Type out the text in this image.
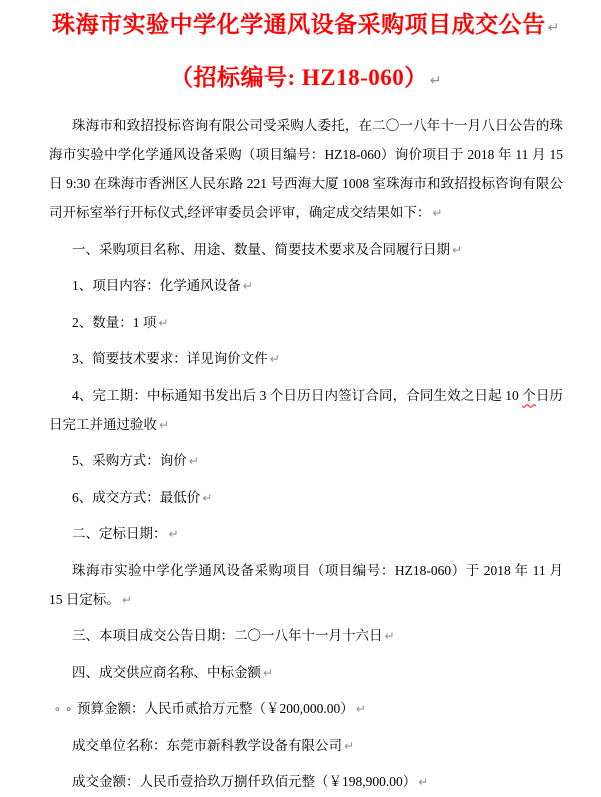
珠海市实验中学化学通风设备采购项目成交公告 ↵
（招标编号: HZ18-060） ↵

珠海市和致招投标咨询有限公司受采购人委托，在二〇一八年十一月八日公告的珠海市实验中学化学通风设备采购（项目编号：HZ18-060）询价项目于 2018 年 11 月 15 日 9:30 在珠海市香洲区人民东路 221 号西海大厦 1008 室珠海市和致招投标咨询有限公司开标室举行开标仪式,经评审委员会评审，确定成交结果如下： ↵

一、采购项目名称、用途、数量、简要技术要求及合同履行日期 ↵

1、项目内容：化学通风设备 ↵

2、数量：1 项 ↵

3、简要技术要求：详见询价文件 ↵

4、完工期：中标通知书发出后 3 个日历日内签订合同，合同生效之日起 10 个日历日完工并通过验收 ↵

5、采购方式：询价 ↵

6、成交方式：最低价 ↵

二、定标日期： ↵

珠海市实验中学化学通风设备采购项目（项目编号：HZ18-060）于 2018 年 11 月 15 日定标。 ↵

三、本项目成交公告日期：二〇一八年十一月十六日 ↵

四、成交供应商名称、中标金额 ↵

∘ ∘ 预算金额：人民币贰拾万元整（￥200,000.00） ↵

成交单位名称：东莞市新科教学设备有限公司 ↵

成交金额：人民币壹拾玖万捌仟玖佰元整（￥198,900.00） ↵
